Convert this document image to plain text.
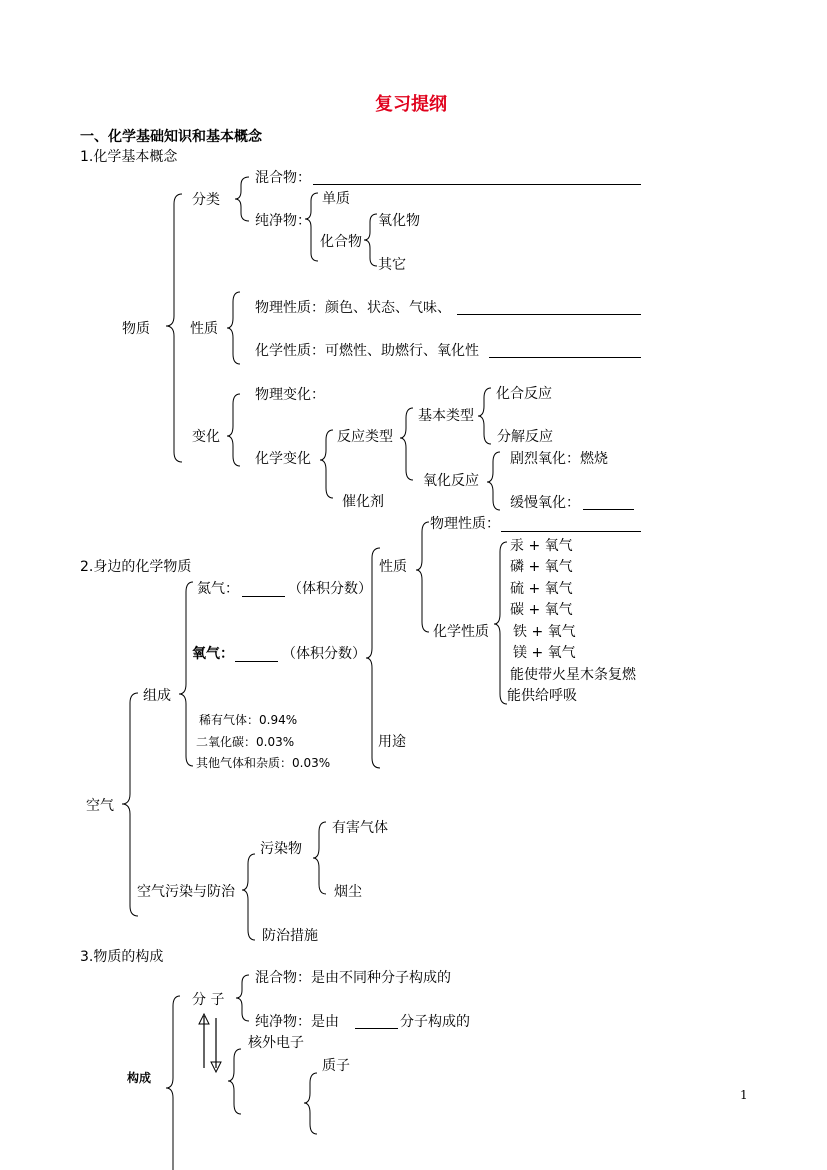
复习提纲
一、化学基础知识和基本概念
1.化学基本概念
物质
分类
混合物：
纯净物：
单质
化合物
氧化物
其它
性质
物理性质：颜色、状态、气味、
化学性质：可燃性、助燃行、氧化性
变化
物理变化：
化学变化
反应类型
基本类型
化合反应
分解反应
氧化反应
剧烈氧化：燃烧
缓慢氧化：
催化剂
2.身边的化学物质
空气
组成
氮气：	（体积分数）
氧气：	（体积分数）
稀有气体：0.94%
二氧化碳：0.03%
其他气体和杂质：0.03%
性质
用途
物理性质：
化学性质
汞 + 氧气
磷 + 氧气
硫 + 氧气
碳 + 氧气
铁 + 氧气
镁 + 氧气
能使带火星木条复燃
能供给呼吸
空气污染与防治
污染物
有害气体
烟尘
防治措施
3.物质的构成
构成
分 子
混合物：是由不同种分子构成的
纯净物：是由	分子构成的
核外电子
质子
1
